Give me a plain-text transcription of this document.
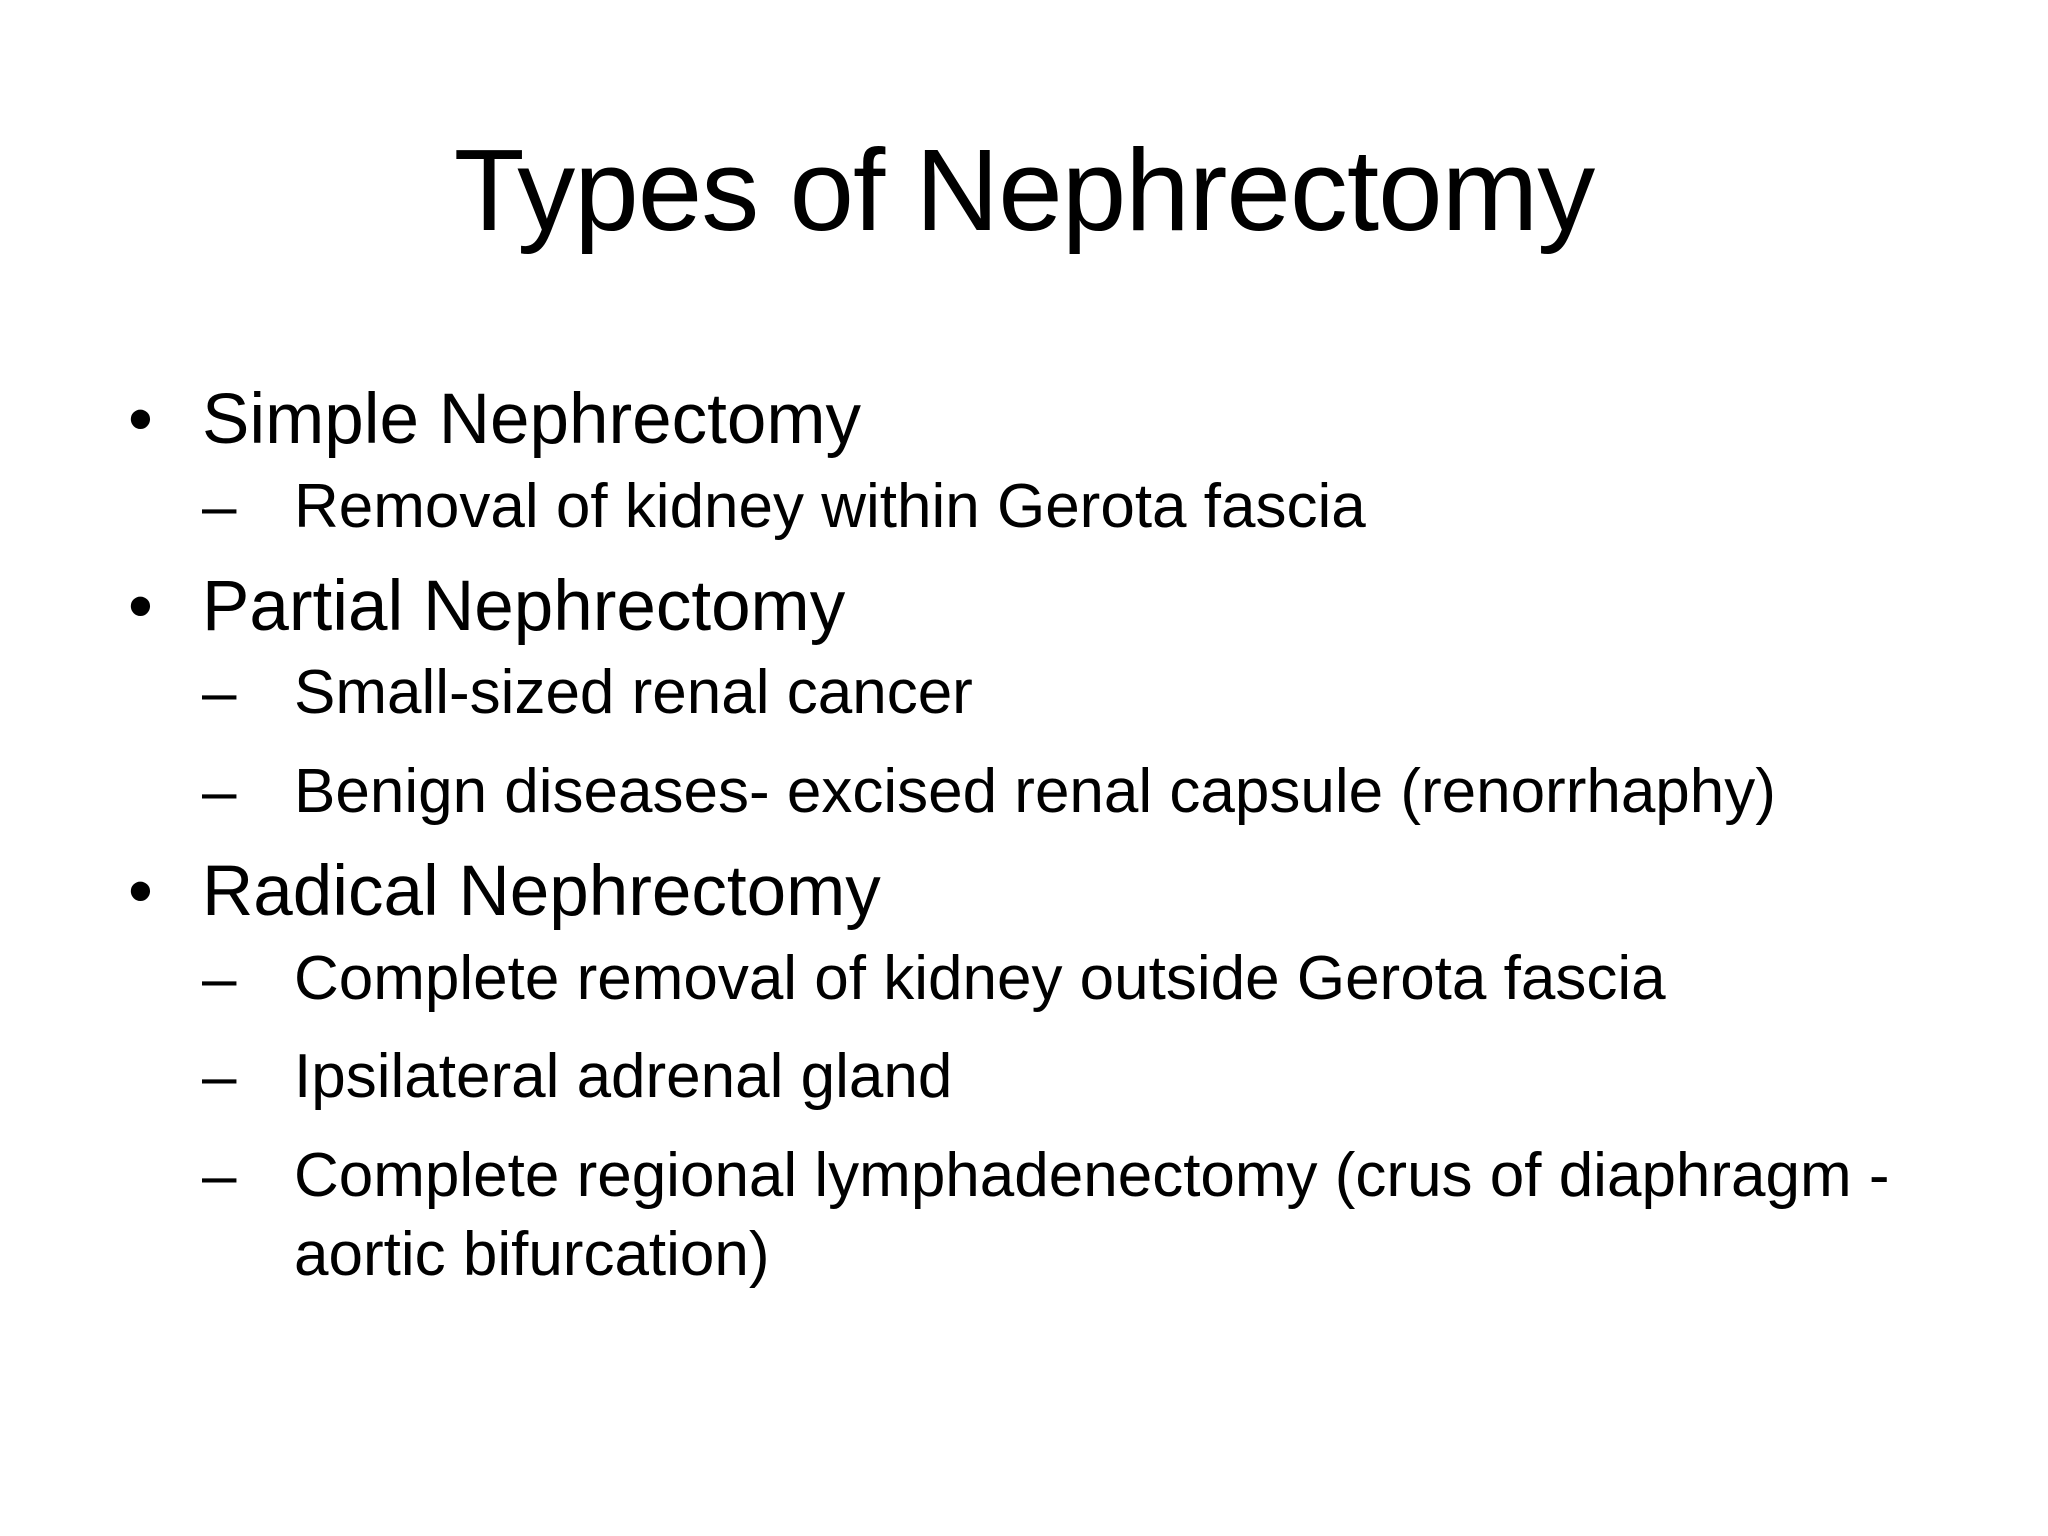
Types of Nephrectomy
• Simple Nephrectomy
– Removal of kidney within Gerota fascia
• Partial Nephrectomy
– Small-sized renal cancer
– Benign diseases- excised renal capsule (renorrhaphy)
• Radical Nephrectomy
– Complete removal of kidney outside Gerota fascia
– Ipsilateral adrenal gland
– Complete regional lymphadenectomy (crus of diaphragm - aortic bifurcation)
